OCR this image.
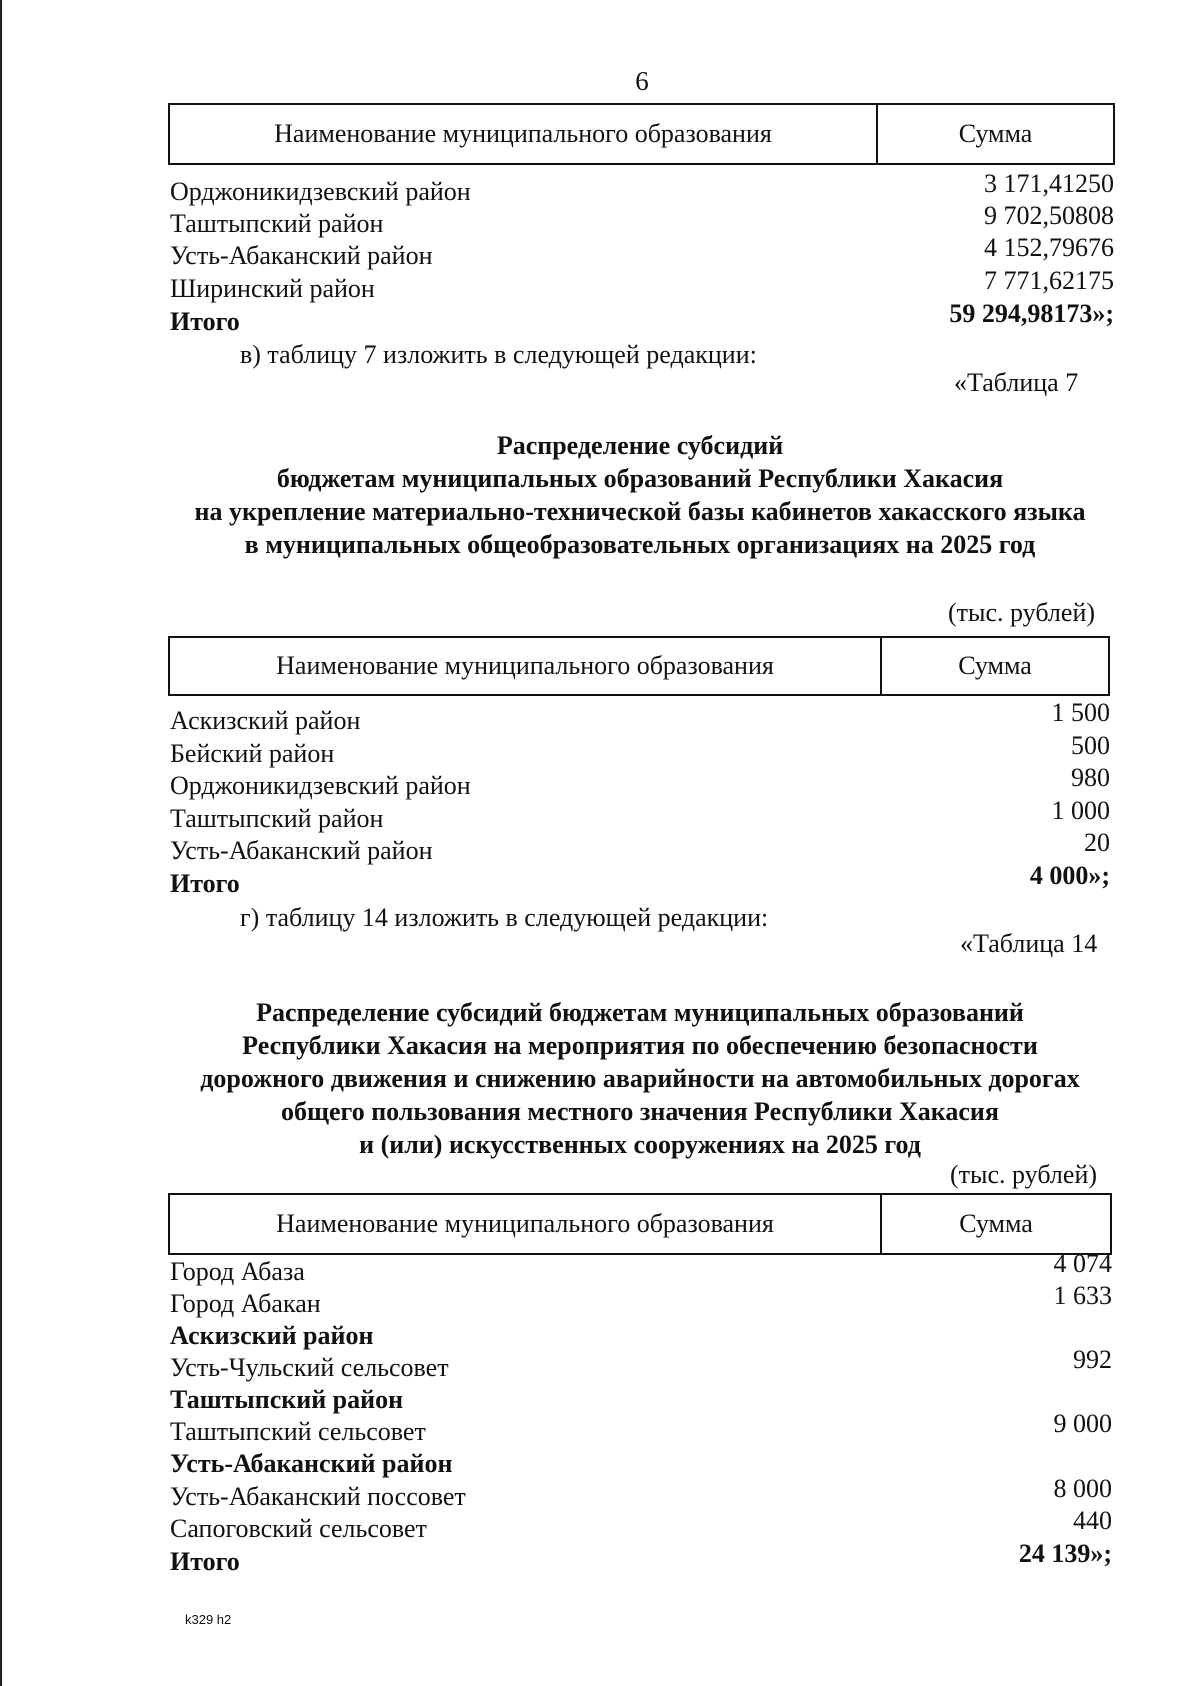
6
Наименование муниципального образования	Сумма
Орджоникидзевский район	3 171,41250
Таштыпский район	9 702,50808
Усть-Абаканский район	4 152,79676
Ширинский район	7 771,62175
Итого	59 294,98173»;
в) таблицу 7 изложить в следующей редакции:
«Таблица 7
Распределение субсидий
бюджетам муниципальных образований Республики Хакасия
на укрепление материально-технической базы кабинетов хакасского языка
в муниципальных общеобразовательных организациях на 2025 год
(тыс. рублей)
Наименование муниципального образования	Сумма
Аскизский район	1 500
Бейский район	500
Орджоникидзевский район	980
Таштыпский район	1 000
Усть-Абаканский район	20
Итого	4 000»;
г) таблицу 14 изложить в следующей редакции:
«Таблица 14
Распределение субсидий бюджетам муниципальных образований
Республики Хакасия на мероприятия по обеспечению безопасности
дорожного движения и снижению аварийности на автомобильных дорогах
общего пользования местного значения Республики Хакасия
и (или) искусственных сооружениях на 2025 год
(тыс. рублей)
Наименование муниципального образования	Сумма
Город Абаза	4 074
Город Абакан	1 633
Аскизский район
Усть-Чульский сельсовет	992
Таштыпский район
Таштыпский сельсовет	9 000
Усть-Абаканский район
Усть-Абаканский поссовет	8 000
Сапоговский сельсовет	440
Итого	24 139»;
k329 h2
